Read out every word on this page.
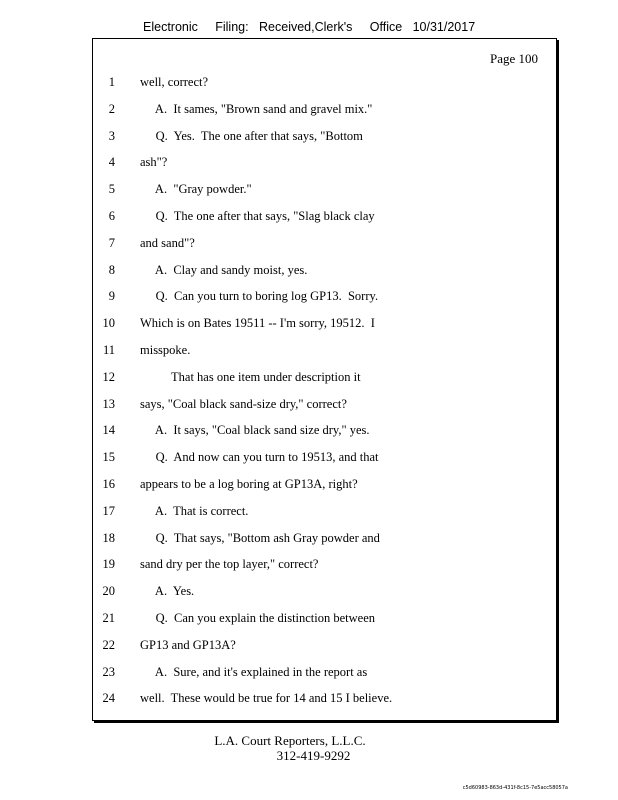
Electronic     Filing:   Received,Clerk's     Office   10/31/2017
Page 100
1 well, correct?
2 A.  It sames, "Brown sand and gravel mix."
3 Q.  Yes.  The one after that says, "Bottom
4 ash"?
5 A.  "Gray powder."
6 Q.  The one after that says, "Slag black clay
7 and sand"?
8 A.  Clay and sandy moist, yes.
9 Q.  Can you turn to boring log GP13.  Sorry.
10 Which is on Bates 19511 -- I'm sorry, 19512.  I
11 misspoke.
12 That has one item under description it
13 says, "Coal black sand-size dry," correct?
14 A.  It says, "Coal black sand size dry," yes.
15 Q.  And now can you turn to 19513, and that
16 appears to be a log boring at GP13A, right?
17 A.  That is correct.
18 Q.  That says, "Bottom ash Gray powder and
19 sand dry per the top layer," correct?
20 A.  Yes.
21 Q.  Can you explain the distinction between
22 GP13 and GP13A?
23 A.  Sure, and it's explained in the report as
24 well.  These would be true for 14 and 15 I believe.
L.A. Court Reporters, L.L.C.
312-419-9292
c5d60983-863d-431f-8c15-7e5acc58057a
